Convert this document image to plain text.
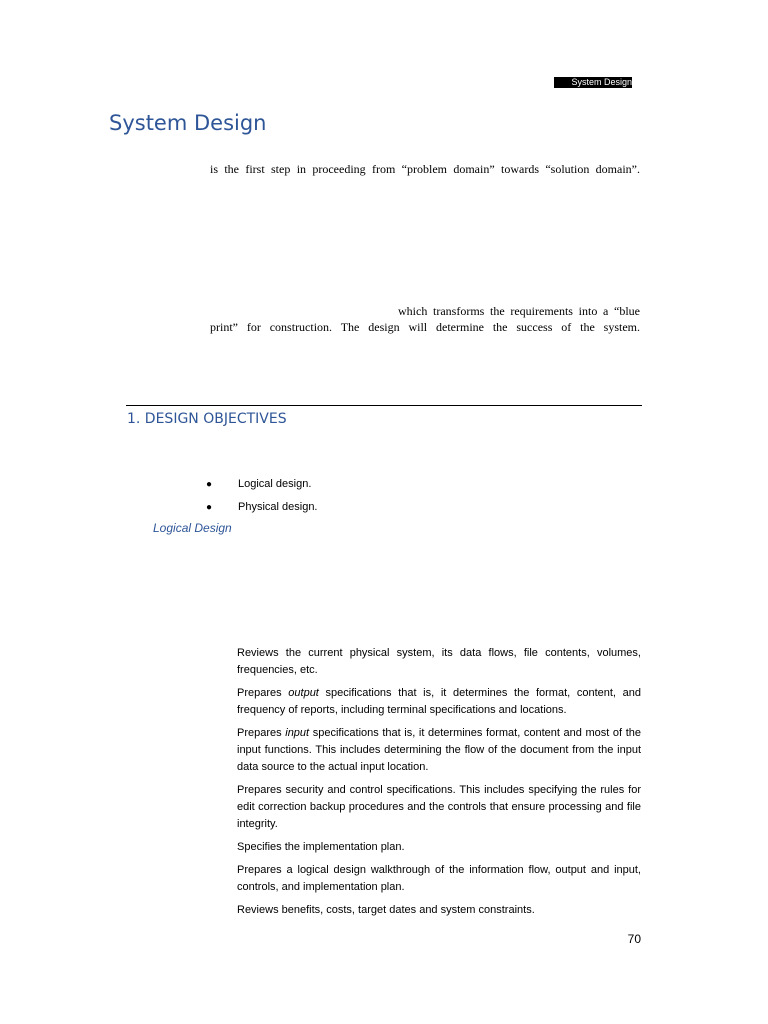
System Design
System Design
is the first step in proceeding from “problem domain” towards “solution domain”.
which transforms the requirements into a “blue
print” for construction. The design will determine the success of the system.
1. DESIGN OBJECTIVES
● Logical design.
● Physical design.
Logical Design

Reviews the current physical system, its data flows, file contents, volumes, frequencies, etc.

Prepares output specifications that is, it determines the format, content, and frequency of reports, including terminal specifications and locations.

Prepares input specifications that is, it determines format, content and most of the input functions. This includes determining the flow of the document from the input data source to the actual input location.

Prepares security and control specifications. This includes specifying the rules for edit correction backup procedures and the controls that ensure processing and file integrity.

Specifies the implementation plan.

Prepares a logical design walkthrough of the information flow, output and input, controls, and implementation plan.

Reviews benefits, costs, target dates and system constraints.

70
